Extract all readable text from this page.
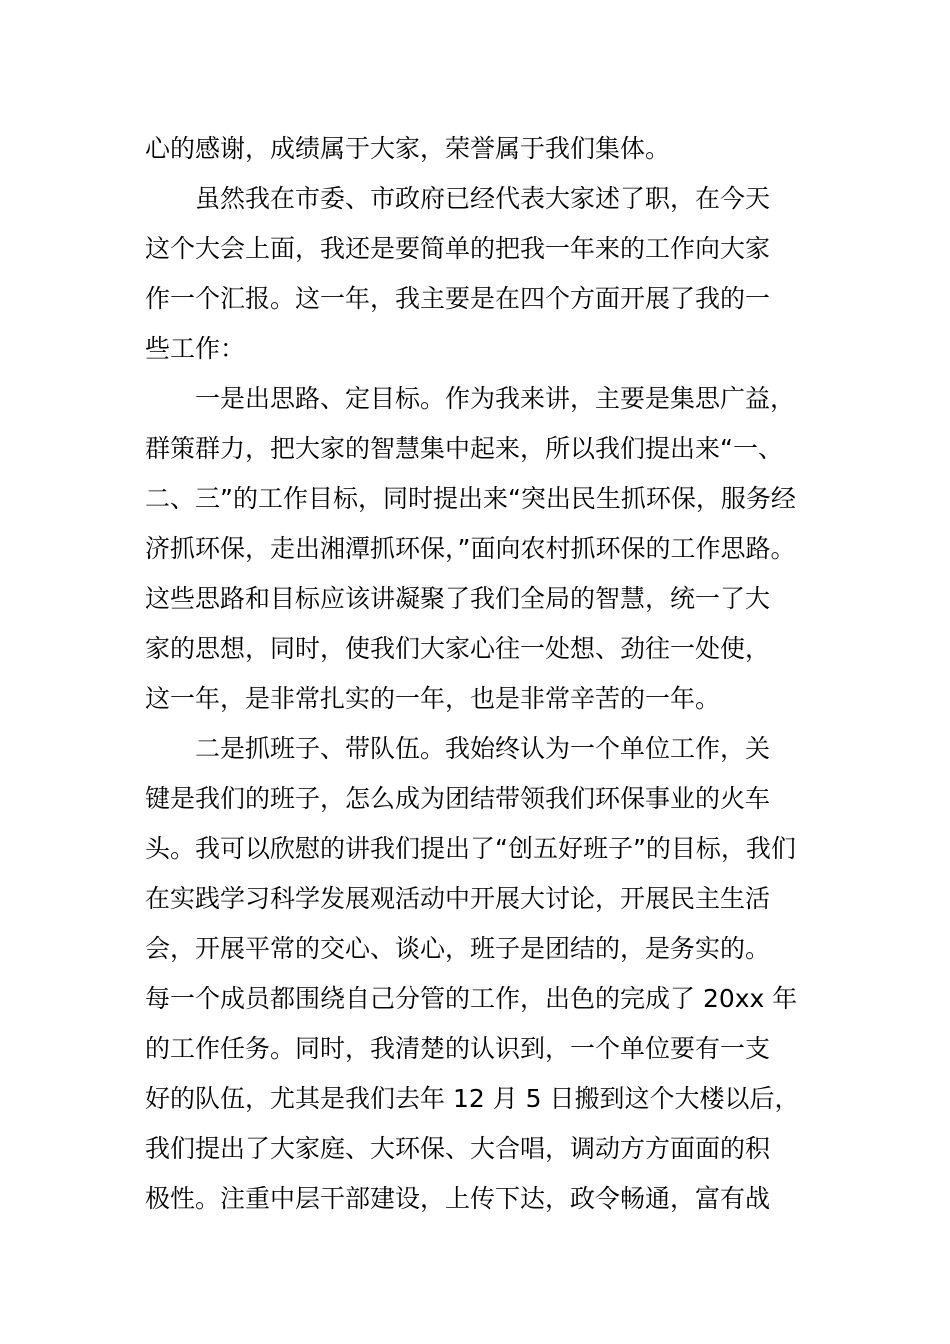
心的感谢，成绩属于大家，荣誉属于我们集体。
虽然我在市委、市政府已经代表大家述了职，在今天
这个大会上面，我还是要简单的把我一年来的工作向大家
作一个汇报。这一年，我主要是在四个方面开展了我的一
些工作：
一是出思路、定目标。作为我来讲，主要是集思广益，
群策群力，把大家的智慧集中起来，所以我们提出来“一、
二、三”的工作目标，同时提出来“突出民生抓环保，服务经
济抓环保，走出湘潭抓环保，”面向农村抓环保的工作思路。
这些思路和目标应该讲凝聚了我们全局的智慧，统一了大
家的思想，同时，使我们大家心往一处想、劲往一处使，
这一年，是非常扎实的一年，也是非常辛苦的一年。
二是抓班子、带队伍。我始终认为一个单位工作，关
键是我们的班子，怎么成为团结带领我们环保事业的火车
头。我可以欣慰的讲我们提出了“创五好班子”的目标，我们
在实践学习科学发展观活动中开展大讨论，开展民主生活
会，开展平常的交心、谈心，班子是团结的，是务实的。
每一个成员都围绕自己分管的工作，出色的完成了 20xx 年
的工作任务。同时，我清楚的认识到，一个单位要有一支
好的队伍，尤其是我们去年 12 月 5 日搬到这个大楼以后，
我们提出了大家庭、大环保、大合唱，调动方方面面的积
极性。注重中层干部建设，上传下达，政令畅通，富有战
